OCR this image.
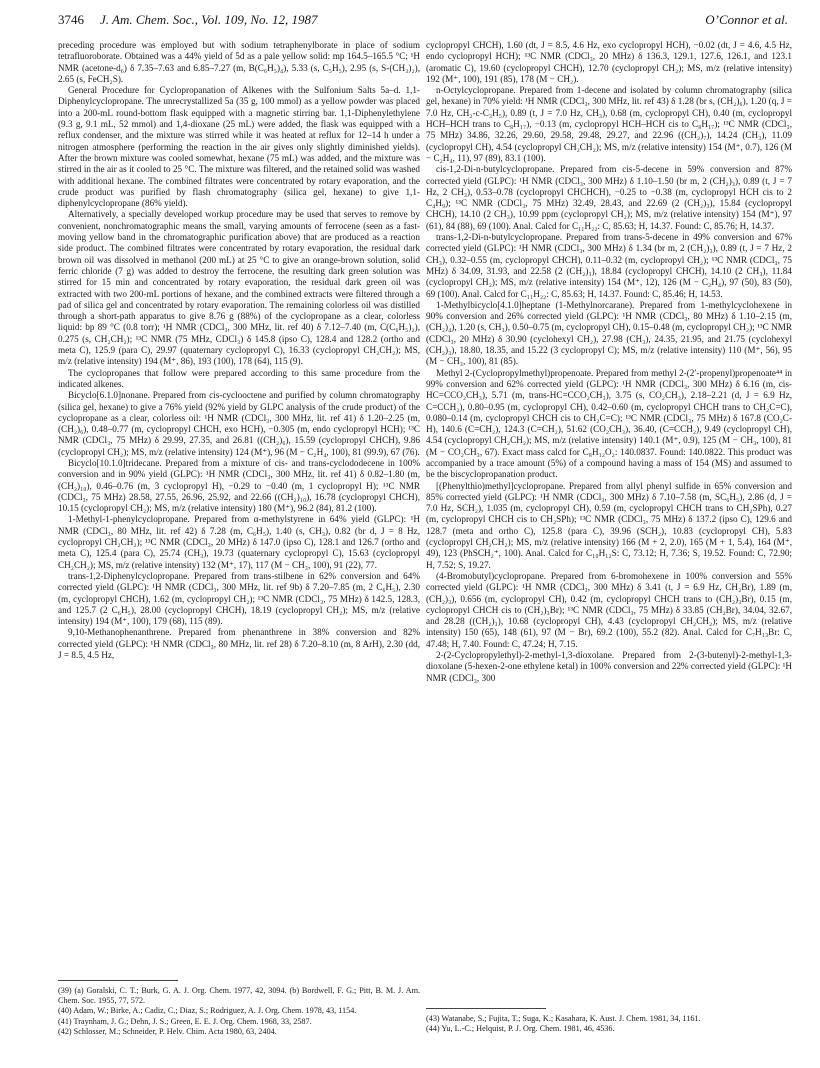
3746 J. Am. Chem. Soc., Vol. 109, No. 12, 1987	O’Connor et al.

preceding procedure was employed but with sodium tetraphenylborate in place of sodium tetrafluoroborate. Obtained was a 44% yield of 5d as a pale yellow solid: mp 164.5–165.5 °C; ¹H NMR (acetone-d₆) δ 7.35–7.63 and 6.85–7.27 (m, B(C₆H₅)₄), 5.33 (s, C₅H₅), 2.95 (s, S-(CH₃)₂), 2.65 (s, FeCH₂S).

General Procedure for Cyclopropanation of Alkenes with the Sulfonium Salts 5a–d. 1,1-Diphenylcyclopropane. The unrecrystallized 5a (35 g, 100 mmol) as a yellow powder was placed into a 200-mL round-bottom flask equipped with a magnetic stirring bar. 1,1-Diphenylethylene (9.3 g, 9.1 mL, 52 mmol) and 1,4-dioxane (25 mL) were added, the flask was equipped with a reflux condenser, and the mixture was stirred while it was heated at reflux for 12–14 h under a nitrogen atmosphere (performing the reaction in the air gives only slightly diminished yields). After the brown mixture was cooled somewhat, hexane (75 mL) was added, and the mixture was stirred in the air as it cooled to 25 °C. The mixture was filtered, and the retained solid was washed with additional hexane. The combined filtrates were concentrated by rotary evaporation, and the crude product was purified by flash chromatography (silica gel, hexane) to give 1,1-diphenylcyclopropane (86% yield).

Alternatively, a specially developed workup procedure may be used that serves to remove by convenient, nonchromatographic means the small, varying amounts of ferrocene (seen as a fast-moving yellow band in the chromatographic purification above) that are produced as a reaction side product. The combined filtrates were concentrated by rotary evaporation, the residual dark brown oil was dissolved in methanol (200 mL) at 25 °C to give an orange-brown solution, solid ferric chloride (7 g) was added to destroy the ferrocene, the resulting dark green solution was stirred for 15 min and concentrated by rotary evaporation, the residual dark green oil was extracted with two 200-mL portions of hexane, and the combined extracts were filtered through a pad of silica gel and concentrated by rotary evaporation. The remaining colorless oil was distilled through a short-path apparatus to give 8.76 g (88%) of the cyclopropane as a clear, colorless liquid: bp 89 °C (0.8 torr); ¹H NMR (CDCl₃, 300 MHz, lit. ref 40) δ 7.12–7.40 (m, C(C₆H₅)₂), 0.275 (s, CH₂CH₂); ¹³C NMR (75 MHz, CDCl₃) δ 145.8 (ipso C), 128.4 and 128.2 (ortho and meta C), 125.9 (para C), 29.97 (quaternary cyclopropyl C), 16.33 (cyclopropyl CH₂CH₂); MS, m/z (relative intensity) 194 (M⁺, 86), 193 (100), 178 (64), 115 (9).

The cyclopropanes that follow were prepared according to this same procedure from the indicated alkenes.

Bicyclo[6.1.0]nonane. Prepared from cis-cyclooctene and purified by column chromatography (silica gel, hexane) to give a 76% yield (92% yield by GLPC analysis of the crude product) of the cyclopropane as a clear, colorless oil: ¹H NMR (CDCl₃, 300 MHz, lit. ref 41) δ 1.20–2.25 (m, (CH₂)₆), 0.48–0.77 (m, cyclopropyl CHCH, exo HCH), −0.305 (m, endo cyclopropyl HCH); ¹³C NMR (CDCl₃, 75 MHz) δ 29.99, 27.35, and 26.81 ((CH₂)₆), 15.59 (cyclopropyl CHCH), 9.86 (cyclopropyl CH₂); MS, m/z (relative intensity) 124 (M⁺), 96 (M − C₂H₄, 100), 81 (99.9), 67 (76).

Bicyclo[10.1.0]tridecane. Prepared from a mixture of cis- and trans-cyclododecene in 100% conversion and in 90% yield (GLPC): ¹H NMR (CDCl₃, 300 MHz, lit. ref 41) δ 0.82–1.80 (m, (CH₂)₁₀), 0.46–0.76 (m, 3 cyclopropyl H), −0.29 to −0.40 (m, 1 cyclopropyl H); ¹³C NMR (CDCl₃, 75 MHz) 28.58, 27.55, 26.96, 25.92, and 22.66 ((CH₂)₁₀), 16.78 (cyclopropyl CHCH), 10.15 (cyclopropyl CH₂); MS, m/z (relative intensity) 180 (M⁺), 96.2 (84), 81.2 (100).

1-Methyl-1-phenylcyclopropane. Prepared from α-methylstyrene in 64% yield (GLPC): ¹H NMR (CDCl₃, 80 MHz, lit. ref 42) δ 7.28 (m, C₆H₅), 1.40 (s, CH₃), 0.82 (br d, J = 8 Hz, cyclopropyl CH₂CH₂); ¹³C NMR (CDCl₃, 20 MHz) δ 147.0 (ipso C), 128.1 and 126.7 (ortho and meta C), 125.4 (para C), 25.74 (CH₃), 19.73 (quaternary cyclopropyl C), 15.63 (cyclopropyl CH₂CH₂); MS, m/z (relative intensity) 132 (M⁺, 17), 117 (M − CH₃, 100), 91 (22), 77.

trans-1,2-Diphenylcyclopropane. Prepared from trans-stilbene in 62% conversion and 64% corrected yield (GLPC): ¹H NMR (CDCl₃, 300 MHz, lit. ref 9b) δ 7.20–7.85 (m, 2 C₆H₅), 2.30 (m, cyclopropyl CHCH), 1.62 (m, cyclopropyl CH₂); ¹³C NMR (CDCl₃, 75 MHz) δ 142.5, 128.3, and 125.7 (2 C₆H₅), 28.00 (cyclopropyl CHCH), 18.19 (cyclopropyl CH₂); MS, m/z (relative intensity) 194 (M⁺, 100), 179 (68), 115 (89).

9,10-Methanophenanthrene. Prepared from phenanthrene in 38% conversion and 82% corrected yield (GLPC): ¹H NMR (CDCl₃, 80 MHz, lit. ref 28) δ 7.20–8.10 (m, 8 ArH), 2.30 (dd, J = 8.5, 4.5 Hz,

(39) (a) Goralski, C. T.; Burk, G. A. J. Org. Chem. 1977, 42, 3094. (b) Bordwell, F. G.; Pitt, B. M. J. Am. Chem. Soc. 1955, 77, 572.

(40) Adam, W.; Birke, A.; Cadiz, C.; Diaz, S.; Rodriguez, A. J. Org. Chem. 1978, 43, 1154.

(41) Traynham, J. G.; Dehn, J. S.; Green, E. E. J. Org. Chem. 1968, 33, 2587.

(42) Schlosser, M.; Schneider, P. Helv. Chim. Acta 1980, 63, 2404.

cyclopropyl CHCH), 1.60 (dt, J = 8.5, 4.6 Hz, exo cyclopropyl HCH), −0.02 (dt, J = 4.6, 4.5 Hz, endo cyclopropyl HCH); ¹³C NMR (CDCl₃, 20 MHz) δ 136.3, 129.1, 127.6, 126.1, and 123.1 (aromatic C), 19.60 (cyclopropyl CHCH), 12.70 (cyclopropyl CH₂); MS, m/z (relative intensity) 192 (M⁺, 100), 191 (85), 178 (M − CH₂).

n-Octylcyclopropane. Prepared from 1-decene and isolated by column chromatography (silica gel, hexane) in 70% yield: ¹H NMR (CDCl₃, 300 MHz, lit. ref 43) δ 1.28 (br s, (CH₂)₆), 1.20 (q, J = 7.0 Hz, CH₂-c-C₃H₅), 0.89 (t, J = 7.0 Hz, CH₃), 0.68 (m, cyclopropyl CH), 0.40 (m, cyclopropyl HCH–HCH trans to C₈H₁₇), −0.13 (m, cyclopropyl HCH–HCH cis to C₈H₁₇); ¹³C NMR (CDCl₃, 75 MHz) 34.86, 32.26, 29.60, 29.58, 29.48, 29.27, and 22.96 ((CH₂)₇), 14.24 (CH₃), 11.09 (cyclopropyl CH), 4.54 (cyclopropyl CH₂CH₂); MS, m/z (relative intensity) 154 (M⁺, 0.7), 126 (M − C₂H₄, 11), 97 (89), 83.1 (100).

cis-1,2-Di-n-butylcyclopropane. Prepared from cis-5-decene in 59% conversion and 87% corrected yield (GLPC): ¹H NMR (CDCl₃, 300 MHz) δ 1.10–1.50 (br m, 2 (CH₂)₃), 0.89 (t, J = 7 Hz, 2 CH₃), 0.53–0.78 (cyclopropyl CHCHCH), −0.25 to −0.38 (m, cyclopropyl HCH cis to 2 C₄H₉); ¹³C NMR (CDCl₃, 75 MHz) 32.49, 28.43, and 22.69 (2 (CH₂)₃), 15.84 (cyclopropyl CHCH), 14.10 (2 CH₃), 10.99 ppm (cyclopropyl CH₂); MS, m/z (relative intensity) 154 (M⁺), 97 (61), 84 (88), 69 (100). Anal. Calcd for C₁₁H₂₂: C, 85.63; H, 14.37. Found: C, 85.76; H, 14.37.

trans-1,2-Di-n-butylcyclopropane. Prepared from trans-5-decene in 49% conversion and 67% corrected yield (GLPC): ¹H NMR (CDCl₃, 300 MHz) δ 1.34 (br m, 2 (CH₂)₃), 0.89 (t, J = 7 Hz, 2 CH₃), 0.32–0.55 (m, cyclopropyl CHCH), 0.11–0.32 (m, cyclopropyl CH₂); ¹³C NMR (CDCl₃, 75 MHz) δ 34.09, 31.93, and 22.58 (2 (CH₂)₃), 18.84 (cyclopropyl CHCH), 14.10 (2 CH₃), 11.84 (cyclopropyl CH₂); MS, m/z (relative intensity) 154 (M⁺, 12), 126 (M − C₂H₄), 97 (50), 83 (50), 69 (100). Anal. Calcd for C₁₁H₂₂: C, 85.63; H, 14.37. Found: C, 85.46; H, 14.53.

1-Methylbicyclo[4.1.0]heptane (1-Methylnorcarane). Prepared from 1-methylcyclohexene in 90% conversion and 26% corrected yield (GLPC): ¹H NMR (CDCl₃, 80 MHz) δ 1.10–2.15 (m, (CH₂)₄), 1.20 (s, CH₃), 0.50–0.75 (m, cyclopropyl CH), 0.15–0.48 (m, cyclopropyl CH₂); ¹³C NMR (CDCl₃, 20 MHz) δ 30.90 (cyclohexyl CH₂), 27.98 (CH₃), 24.35, 21.95, and 21.75 (cyclohexyl (CH₂)₃), 18.80, 18.35, and 15.22 (3 cyclopropyl C); MS, m/z (relative intensity) 110 (M⁺, 56), 95 (M − CH₃, 100), 81 (85).

Methyl 2-(Cyclopropylmethyl)propenoate. Prepared from methyl 2-(2′-propenyl)propenoate⁴⁴ in 99% conversion and 62% corrected yield (GLPC): ¹H NMR (CDCl₃, 300 MHz) δ 6.16 (m, cis-HC=CCO₂CH₃), 5.71 (m, trans-HC=CCO₂CH₃), 3.75 (s, CO₂CH₃), 2.18–2.21 (d, J = 6.9 Hz, C=CCH₂), 0.80–0.95 (m, cyclopropyl CH), 0.42–0.60 (m, cyclopropyl CHCH trans to CH₂C=C), 0.080–0.14 (m, cyclopropyl CHCH cis to CH₂C=C); ¹³C NMR (CDCl₃, 75 MHz) δ 167.8 (CO₂C-H), 140.6 (C=CH₂), 124.3 (C=CH₂), 51.62 (CO₂CH₃), 36.40, (C=CCH₂), 9.49 (cyclopropyl CH), 4.54 (cyclopropyl CH₂CH₂); MS, m/z (relative intensity) 140.1 (M⁺, 0.9), 125 (M − CH₃, 100), 81 (M − CO₂CH₃, 67). Exact mass calcd for C₈H₁₂O₂: 140.0837. Found: 140.0822. This product was accompanied by a trace amount (5%) of a compound having a mass of 154 (MS) and assumed to be the biscyclopropanation product.

[(Phenylthio)methyl]cyclopropane. Prepared from allyl phenyl sulfide in 65% conversion and 85% corrected yield (GLPC): ¹H NMR (CDCl₃, 300 MHz) δ 7.10–7.58 (m, SC₆H₅), 2.86 (d, J = 7.0 Hz, SCH₂), 1.035 (m, cyclopropyl CH), 0.59 (m, cyclopropyl CHCH trans to CH₂SPh), 0.27 (m, cyclopropyl CHCH cis to CH₂SPh); ¹³C NMR (CDCl₃, 75 MHz) δ 137.2 (ipso C), 129.6 and 128.7 (meta and ortho C), 125.8 (para C), 39.96 (SCH₂), 10.83 (cyclopropyl CH), 5.83 (cyclopropyl CH₂CH₂); MS, m/z (relative intensity) 166 (M + 2, 2.0), 165 (M + 1, 5.4), 164 (M⁺, 49), 123 (PhSCH₂⁺, 100). Anal. Calcd for C₁₀H₁₂S: C, 73.12; H, 7.36; S, 19.52. Found: C, 72.90; H, 7.52; S, 19.27.

(4-Bromobutyl)cyclopropane. Prepared from 6-bromohexene in 100% conversion and 55% corrected yield (GLPC): ¹H NMR (CDCl₃, 300 MHz) δ 3.41 (t, J = 6.9 Hz, CH₂Br), 1.89 (m, (CH₂)₃), 0.656 (m, cyclopropyl CH), 0.42 (m, cyclopropyl CHCH trans to (CH₂)₃Br), 0.15 (m, cyclopropyl CHCH cis to (CH₂)₃Br); ¹³C NMR (CDCl₃, 75 MHz) δ 33.85 (CH₂Br), 34.04, 32.67, and 28.28 ((CH₂)₃), 10.68 (cyclopropyl CH), 4.43 (cyclopropyl CH₂CH₂); MS, m/z (relative intensity) 150 (65), 148 (61), 97 (M − Br), 69.2 (100), 55.2 (82). Anal. Calcd for C₇H₁₃Br: C, 47.48; H, 7.40. Found: C, 47.24; H, 7.15.

2-(2-Cyclopropylethyl)-2-methyl-1,3-dioxolane. Prepared from 2-(3-butenyl)-2-methyl-1,3-dioxolane (5-hexen-2-one ethylene ketal) in 100% conversion and 22% corrected yield (GLPC): ¹H NMR (CDCl₃, 300

(43) Watanabe, S.; Fujita, T.; Suga, K.; Kasahara, K. Aust. J. Chem. 1981, 34, 1161.

(44) Yu, L.-C.; Helquist, P. J. Org. Chem. 1981, 46, 4536.
